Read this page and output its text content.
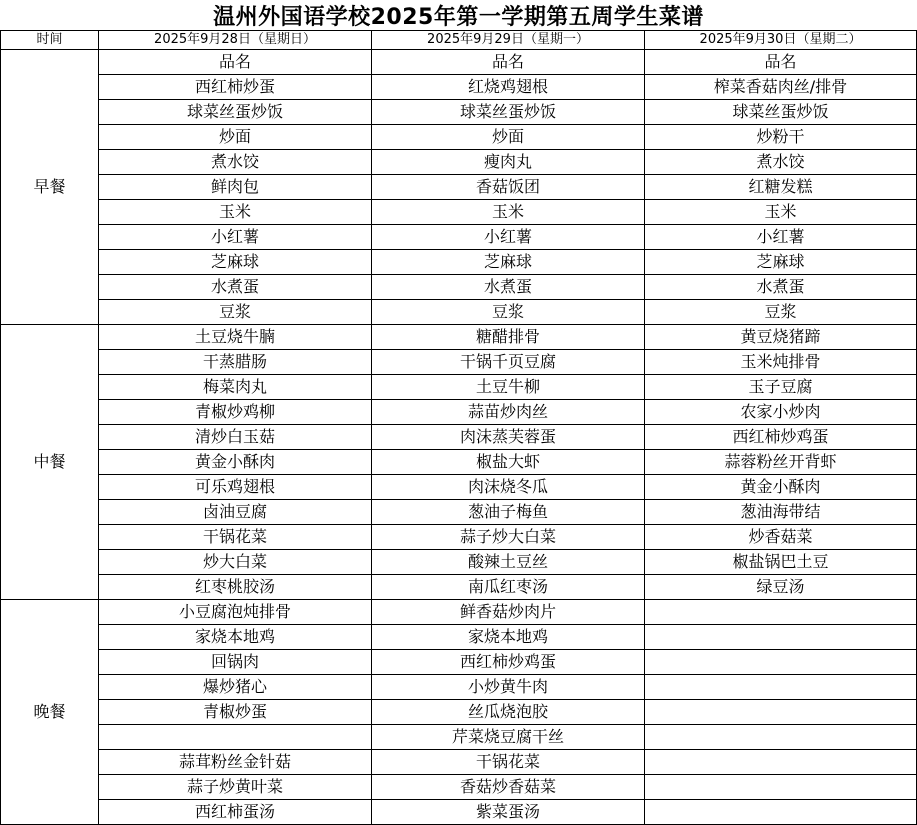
温州外国语学校2025年第一学期第五周学生菜谱
时间	2025年9月28日（星期日）	2025年9月29日（星期一）	2025年9月30日（星期二）
早餐	品名	品名	品名
	西红柿炒蛋	红烧鸡翅根	榨菜香菇肉丝/排骨
	球菜丝蛋炒饭	球菜丝蛋炒饭	球菜丝蛋炒饭
	炒面	炒面	炒粉干
	煮水饺	瘦肉丸	煮水饺
	鲜肉包	香菇饭团	红糖发糕
	玉米	玉米	玉米
	小红薯	小红薯	小红薯
	芝麻球	芝麻球	芝麻球
	水煮蛋	水煮蛋	水煮蛋
	豆浆	豆浆	豆浆
中餐	土豆烧牛腩	糖醋排骨	黄豆烧猪蹄
	干蒸腊肠	干锅千页豆腐	玉米炖排骨
	梅菜肉丸	土豆牛柳	玉子豆腐
	青椒炒鸡柳	蒜苗炒肉丝	农家小炒肉
	清炒白玉菇	肉沫蒸芙蓉蛋	西红柿炒鸡蛋
	黄金小酥肉	椒盐大虾	蒜蓉粉丝开背虾
	可乐鸡翅根	肉沫烧冬瓜	黄金小酥肉
	卤油豆腐	葱油子梅鱼	葱油海带结
	干锅花菜	蒜子炒大白菜	炒香菇菜
	炒大白菜	酸辣土豆丝	椒盐锅巴土豆
	红枣桃胶汤	南瓜红枣汤	绿豆汤
晚餐	小豆腐泡炖排骨	鲜香菇炒肉片	
	家烧本地鸡	家烧本地鸡	
	回锅肉	西红柿炒鸡蛋	
	爆炒猪心	小炒黄牛肉	
	青椒炒蛋	丝瓜烧泡胶	
		芹菜烧豆腐干丝	
	蒜茸粉丝金针菇	干锅花菜	
	蒜子炒黄叶菜	香菇炒香菇菜	
	西红柿蛋汤	紫菜蛋汤	
